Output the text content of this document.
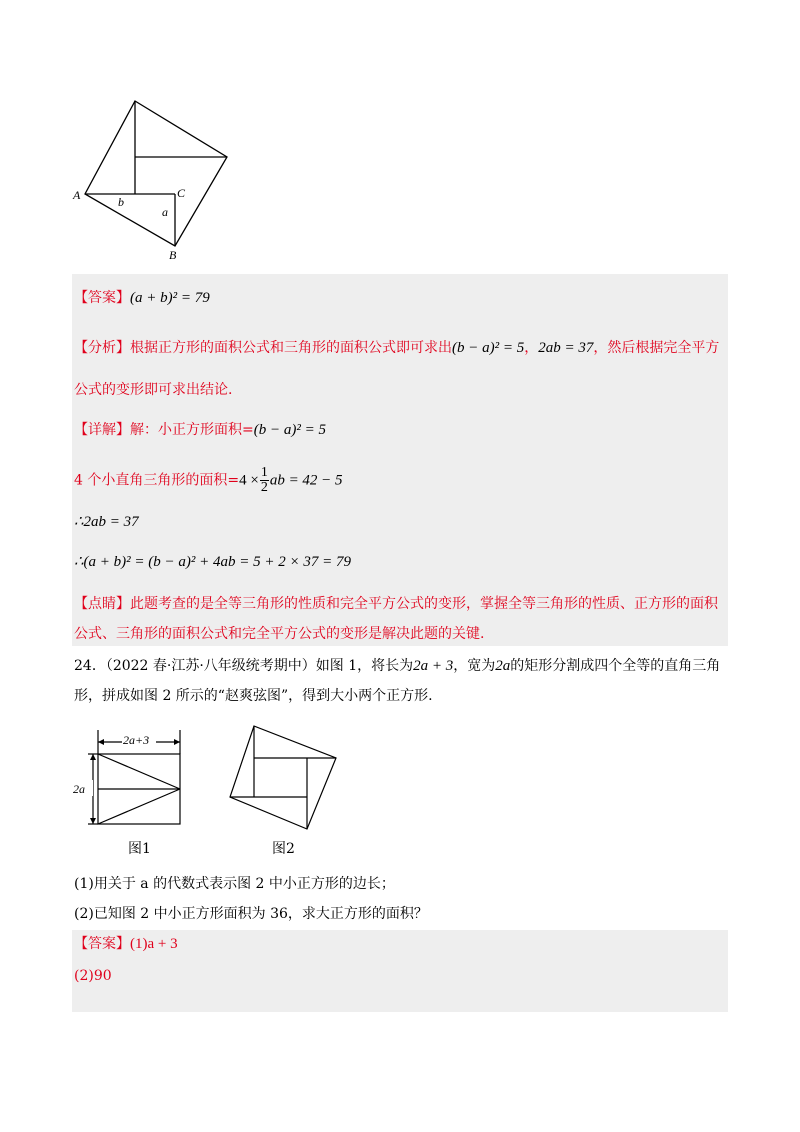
A	C
b
a
B
【答案】(a + b)² = 79
【分析】根据正方形的面积公式和三角形的面积公式即可求出(b − a)² = 5，2ab = 37，然后根据完全平方
公式的变形即可求出结论.
【详解】解：小正方形面积=(b − a)² = 5
4 个小直角三角形的面积$=4 \times \frac{1}{2}$ ab = 42 − 5
∴2ab = 37
∴(a + b)² = (b − a)² + 4ab = 5 + 2 × 37 = 79
【点睛】此题考查的是全等三角形的性质和完全平方公式的变形，掌握全等三角形的性质、正方形的面积
公式、三角形的面积公式和完全平方公式的变形是解决此题的关键.
24．（2022 春·江苏·八年级统考期中）如图 1，将长为2a + 3，宽为2a的矩形分割成四个全等的直角三角
形，拼成如图 2 所示的“赵爽弦图”，得到大小两个正方形.
2a+3
2a
图1	图2
(1)用关于 a 的代数式表示图 2 中小正方形的边长；
(2)已知图 2 中小正方形面积为 36，求大正方形的面积？
【答案】(1)a + 3
(2)90
